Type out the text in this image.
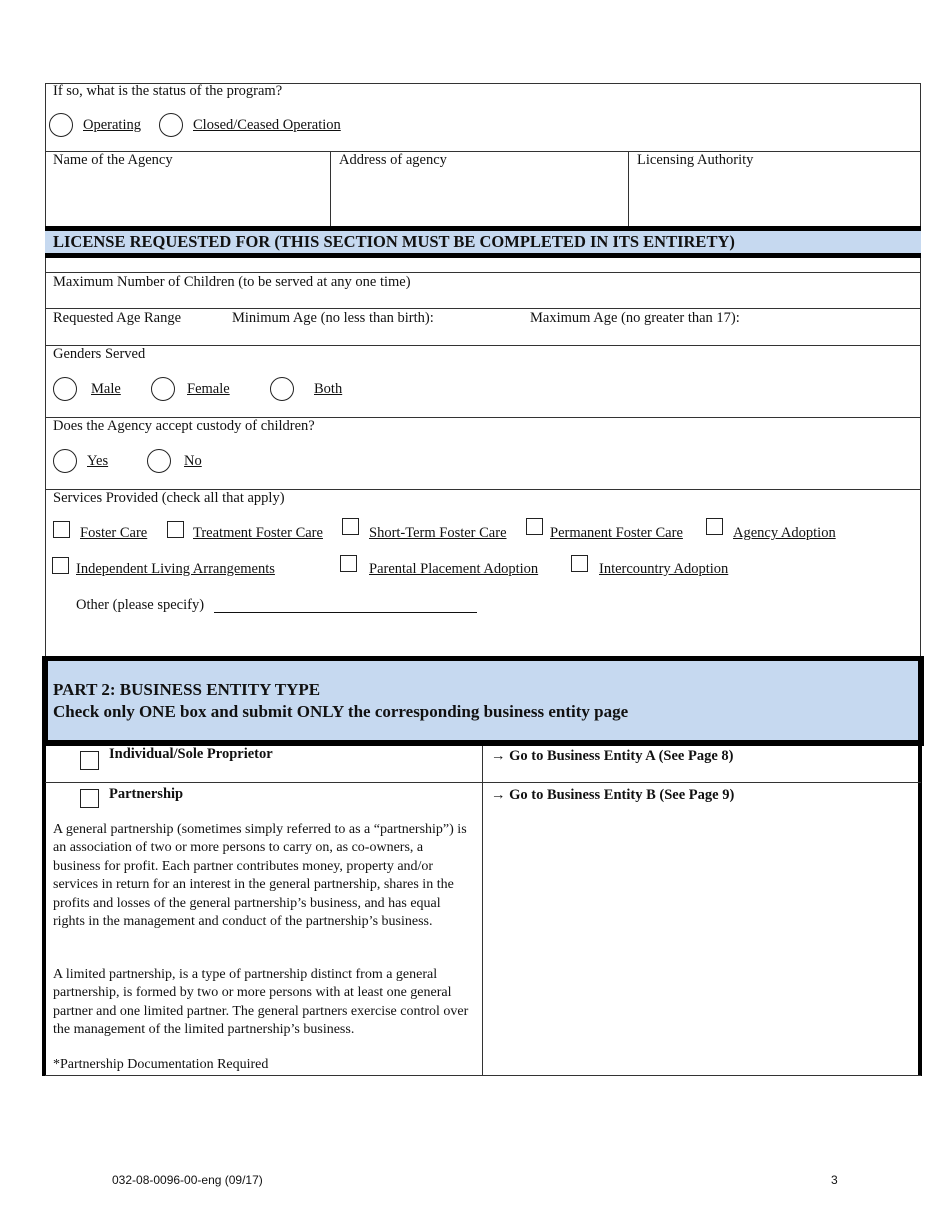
If so, what is the status of the program?
Operating	Closed/Ceased Operation
Name of the Agency	Address of agency	Licensing Authority
LICENSE REQUESTED FOR (THIS SECTION MUST BE COMPLETED IN ITS ENTIRETY)
Maximum Number of Children (to be served at any one time)
Requested Age Range	Minimum Age (no less than birth):	Maximum Age (no greater than 17):
Genders Served
Male	Female	Both
Does the Agency accept custody of children?
Yes	No
Services Provided (check all that apply)
Foster Care	Treatment Foster Care	Short-Term Foster Care	Permanent Foster Care	Agency Adoption
Independent Living Arrangements	Parental Placement Adoption	Intercountry Adoption
Other (please specify)
PART 2: BUSINESS ENTITY TYPE
Check only ONE box and submit ONLY the corresponding business entity page
Individual/Sole Proprietor	→ Go to Business Entity A (See Page 8)
Partnership	→ Go to Business Entity B (See Page 9)
A general partnership (sometimes simply referred to as a “partnership”) is an association of two or more persons to carry on, as co-owners, a business for profit. Each partner contributes money, property and/or services in return for an interest in the general partnership, shares in the profits and losses of the general partnership’s business, and has equal rights in the management and conduct of the partnership’s business.
A limited partnership, is a type of partnership distinct from a general partnership, is formed by two or more persons with at least one general partner and one limited partner. The general partners exercise control over the management of the limited partnership’s business.
*Partnership Documentation Required
032-08-0096-00-eng (09/17)	3
